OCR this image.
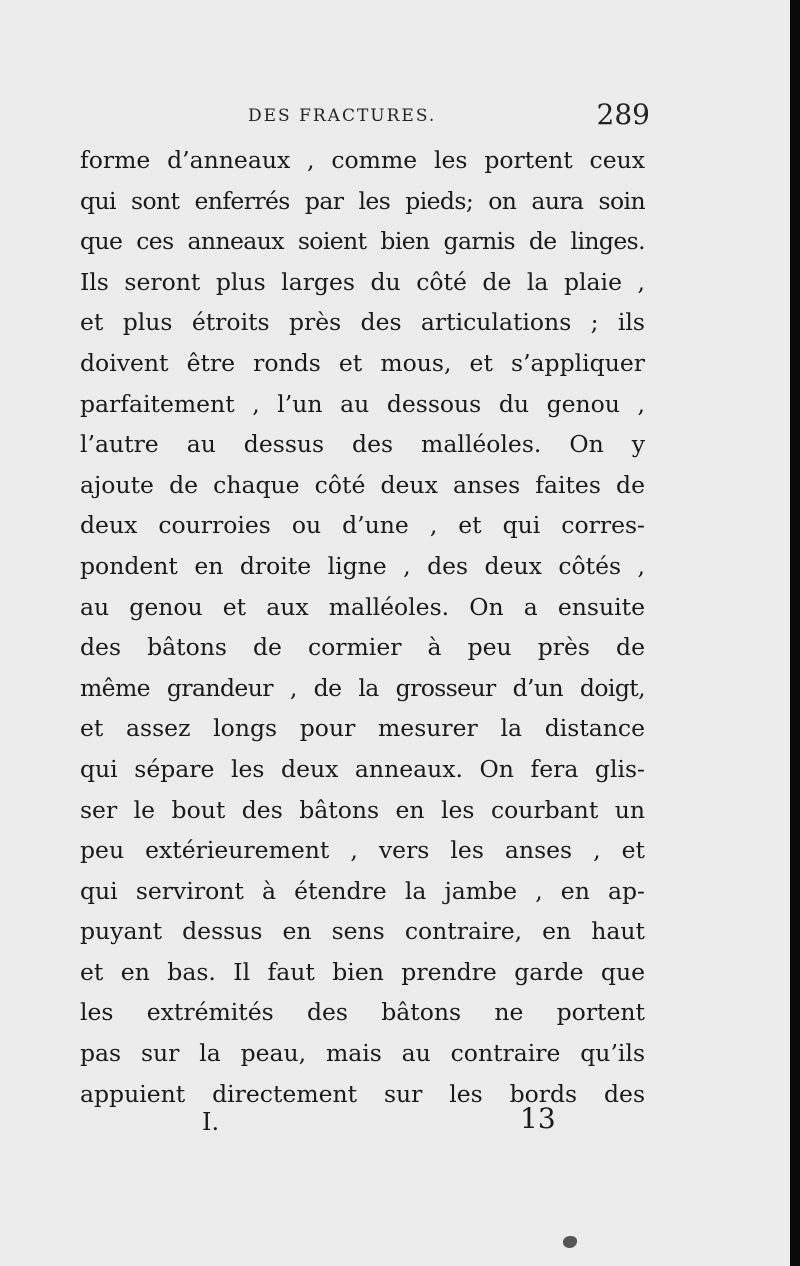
DES FRACTURES.	289
forme d’anneaux , comme les portent ceux
qui sont enferrés par les pieds; on aura soin
que ces anneaux soient bien garnis de linges.
Ils seront plus larges du côté de la plaie ,
et plus étroits près des articulations ; ils
doivent être ronds et mous, et s’appliquer
parfaitement , l’un au dessous du genou ,
l’autre au dessus des malléoles. On y
ajoute de chaque côté deux anses faites de
deux courroies ou d’une , et qui corres-
pondent en droite ligne , des deux côtés ,
au genou et aux malléoles. On a ensuite
des bâtons de cormier à peu près de
même grandeur , de la grosseur d’un doigt,
et assez longs pour mesurer la distance
qui sépare les deux anneaux. On fera glis-
ser le bout des bâtons en les courbant un
peu extérieurement , vers les anses , et
qui serviront à étendre la jambe , en ap-
puyant dessus en sens contraire, en haut
et en bas. Il faut bien prendre garde que
les extrémités des bâtons ne portent
pas sur la peau, mais au contraire qu’ils
appuient directement sur les bords des
I.	13
